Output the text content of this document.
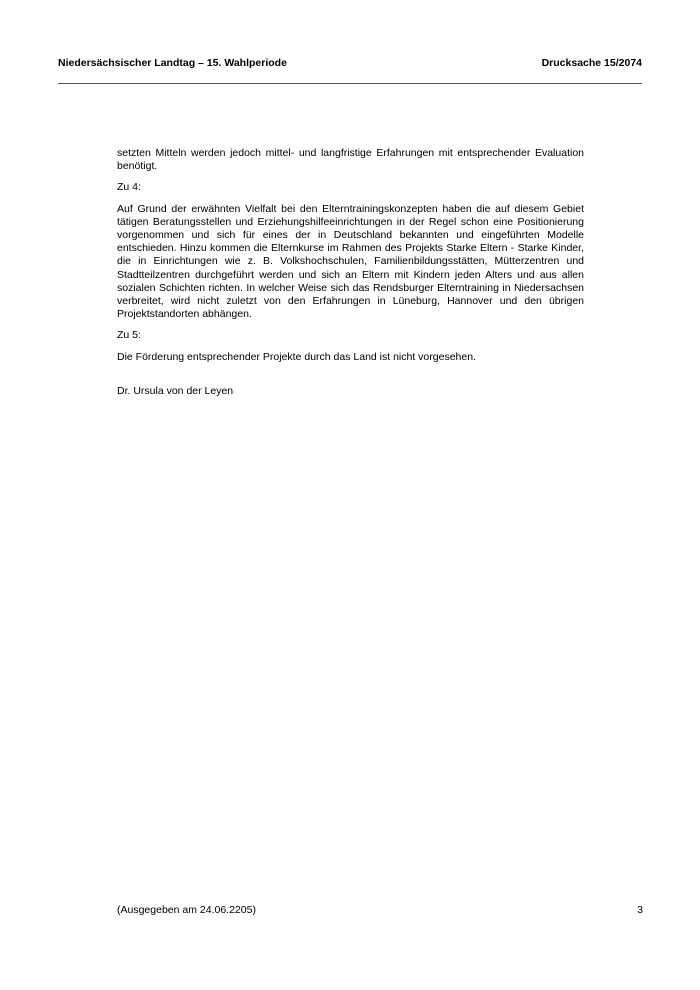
Niedersächsischer Landtag – 15. Wahlperiode	Drucksache 15/2074

setzten Mitteln werden jedoch mittel- und langfristige Erfahrungen mit entsprechender Evaluation benötigt.

Zu 4:

Auf Grund der erwähnten Vielfalt bei den Elterntrainingskonzepten haben die auf diesem Gebiet tätigen Beratungsstellen und Erziehungshilfeeinrichtungen in der Regel schon eine Positionierung vorgenommen und sich für eines der in Deutschland bekannten und eingeführten Modelle entschieden. Hinzu kommen die Elternkurse im Rahmen des Projekts Starke Eltern - Starke Kinder, die in Einrichtungen wie z. B. Volkshochschulen, Familienbildungsstätten, Mütterzentren und Stadtteilzentren durchgeführt werden und sich an Eltern mit Kindern jeden Alters und aus allen sozialen Schichten richten. In welcher Weise sich das Rendsburger Elterntraining in Niedersachsen verbreitet, wird nicht zuletzt von den Erfahrungen in Lüneburg, Hannover und den übrigen Projektstandorten abhängen.

Zu 5:

Die Förderung entsprechender Projekte durch das Land ist nicht vorgesehen.

Dr. Ursula von der Leyen

(Ausgegeben am 24.06.2205)	3
